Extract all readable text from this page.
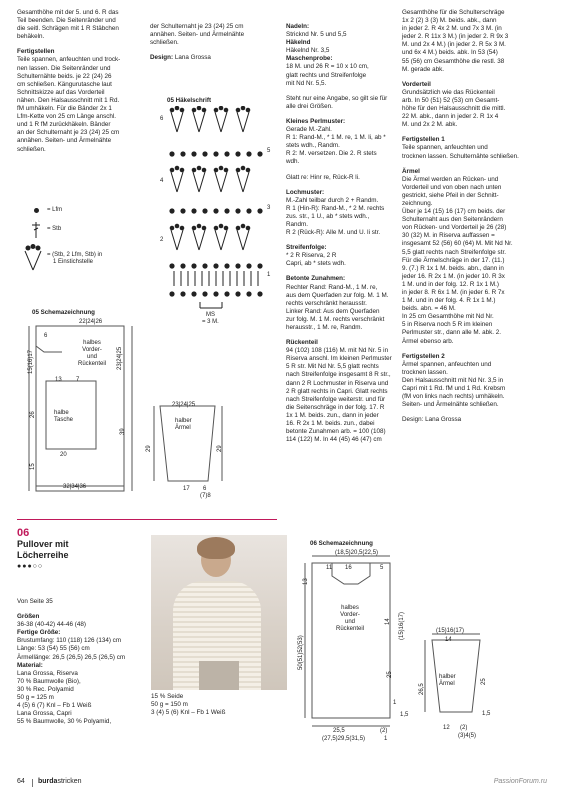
Gesamthöhe mit der 5. und 6. R das

Teil beenden. Die Seitenränder und

die seitl. Schrägen mit 1 R Stäbchen

behäkeln.

Fertigstellen

Teile spannen, anfeuchten und trock-

nen lassen. Die Seitenränder und

Schulternähte beids. je 22 (24) 26

cm schließen. Kängurutasche laut

Schnittskizze auf das Vorderteil

nähen. Den Halsausschnitt mit 1 Rd.

fM umhäkeln. Für die Bänder 2x 1

Lfm-Kette von 25 cm Länge anschl.

und 1 R fM zurückhäkeln. Bänder

an der Schulternaht je 23 (24) 25 cm

annähen. Seiten- und Ärmelnähte

schließen.

= Lfm
= Stb
= (Stb, 2 Lfm, Stb) in
1 Einstichstelle

der Schulternaht je 23 (24) 25 cm

annähen. Seiten- und Ärmelnähte

schließen.

Design: Lana Grossa

05 Häkelschrift
1
2
3
4
5
6
MS
= 3 M.
05 Schemazeichnung
22|24|26
6
15(16)17
halbes
Vorder-
und
Rückenteil
13 7
halbe
Tasche
26
15
20
39
23|24|25
32|34|36
23|24|25
halber
Ärmel
29	29
17 6
(7)8

Nadeln:

Stricknd Nr. 5 und 5,5

Häkelnd

Häkelnd Nr. 3,5

Maschenprobe:

18 M. und 26 R = 10 x 10 cm,

glatt rechts und Streifenfolge

mit Nd Nr. 5,5.

Steht nur eine Angabe, so gilt sie für

alle drei Größen.

Kleines Perlmuster:

Gerade M.-Zahl.

R 1: Rand-M., * 1 M. re, 1 M. li, ab *

stets wdh., Randm.

R 2: M. versetzen. Die 2. R stets

wdh.

Glatt re: Hinr re, Rück-R li.

Lochmuster:

M.-Zahl teilbar durch 2 + Randm.

R 1 (Hin-R): Rand-M., * 2 M. rechts

zus. str., 1 U., ab * stets wdh.,

Randm.

R 2 (Rück-R): Alle M. und U. li str.

Streifenfolge:

* 2 R Riserva, 2 R

Capri, ab * stets wdh.

Betonte Zunahmen:

Rechter Rand: Rand-M., 1 M. re,

aus dem Querfaden zur folg. M. 1 M.

rechts verschränkt herausstr.

Linker Rand: Aus dem Querfaden

zur folg. M. 1 M. rechts verschränkt

herausstr., 1 M. re, Randm.

Rückenteil

94 (102) 108 (116) M. mit Nd Nr. 5 in

Riserva anschl. Im kleinen Perlmuster

5 R str. Mit Nd Nr. 5,5 glatt rechts

nach Streifenfolge insgesamt 8 R str.,

dann 2 R Lochmuster in Riserva und

2 R glatt rechts in Capri. Glatt rechts

nach Streifenfolge weiterstr. und für

die Seitenschräge in der folg. 17. R

1x 1 M. beids. zun., dann in jeder

16. R 2x 1 M. beids. zun., dabei

betonte Zunahmen arb. = 100 (108)

114 (122) M. In 44 (45) 46 (47) cm

Gesamthöhe für die Schulterschräge

1x 2 (2) 3 (3) M. beids. abk., dann

in jeder 2. R 4x 2 M. und 7x 3 M. (in

jeder 2. R 11x 3 M.) (in jeder 2. R 9x 3

M. und 2x 4 M.) (in jeder 2. R 5x 3 M.

und 6x 4 M.) beids. abk. In 53 (54)

55 (56) cm Gesamthöhe die restl. 38

M. gerade abk.

Vorderteil

Grundsätzlich wie das Rückenteil

arb. In 50 (51) 52 (53) cm Gesamt-

höhe für den Halsausschnitt die mittl.

22 M. abk., dann in jeder 2. R 1x 4

M. und 2x 2 M. abk.

Fertigstellen 1

Teile spannen, anfeuchten und

trocknen lassen. Schulternähte schließen.

Ärmel

Die Ärmel werden an Rücken- und

Vorderteil und von oben nach unten

gestrickt, siehe Pfeil in der Schnitt-

zeichnung.

Über je 14 (15) 16 (17) cm beids. der

Schulternaht aus den Seitenrändern

von Rücken- und Vorderteil je 26 (28)

30 (32) M. in Riserva auffassen =

insgesamt 52 (56) 60 (64) M. Mit Nd Nr.

5,5 glatt rechts nach Streifenfolge str.

Für die Ärmelschräge in der 17. (11.)

9. (7.) R 1x 1 M. beids. abn., dann in

jeder 16. R 2x 1 M. (in jeder 10. R 3x

1 M. und in der folg. 12. R 1x 1 M.)

in jeder 8. R 6x 1 M. (in jeder 6. R 7x

1 M. und in der folg. 4. R 1x 1 M.)

beids. abn. = 46 M.

In 25 cm Gesamthöhe mit Nd Nr.

5 in Riserva noch 5 R im kleinen

Perlmuster str., dann alle M. abk. 2.

Ärmel ebenso arb.

Fertigstellen 2

Ärmel spannen, anfeuchten und

trocknen lassen.

Den Halsausschnitt mit Nd Nr. 3,5 in

Capri mit 1 Rd. fM und 1 Rd. Krebsm

(fM von links nach rechts) umhäkeln.

Seiten- und Ärmelnähte schließen.

Design: Lana Grossa

06
Pullover mit
Löcherreihe
●●●○○

Von Seite 35

Größen

36-38 (40-42) 44-46 (48)

Fertige Größe:

Brustumfang: 110 (118) 126 (134) cm

Länge: 53 (54) 55 (56) cm

Ärmellänge: 26,5 (26,5) 26,5 (26,5) cm

Material:

Lana Grossa, Riserva

70 % Baumwolle (Bio),

30 % Rec. Polyamid

50 g = 125 m

4 (5) 6 (7) Knl – Fb 1 Weiß

Lana Grossa, Capri

55 % Baumwolle, 30 % Polyamid,

15 % Seide

50 g = 150 m

3 (4) 5 (6) Knl – Fb 1 Weiß

06 Schemazeichnung
(18,5)20,5(22,5)
11 16	5
13
halbes
Vorder-
und
Rückenteil
14 (15)16(17)
50(51)52(53)
25
1
1,5
25,5
(27,5)29,5(31,5)
(2)
1
(15)16(17)
14
halber
Ärmel
26,5
25
1,5
12 (2)
(3)4(5)
64 burdastricken	PassionForum.ru
